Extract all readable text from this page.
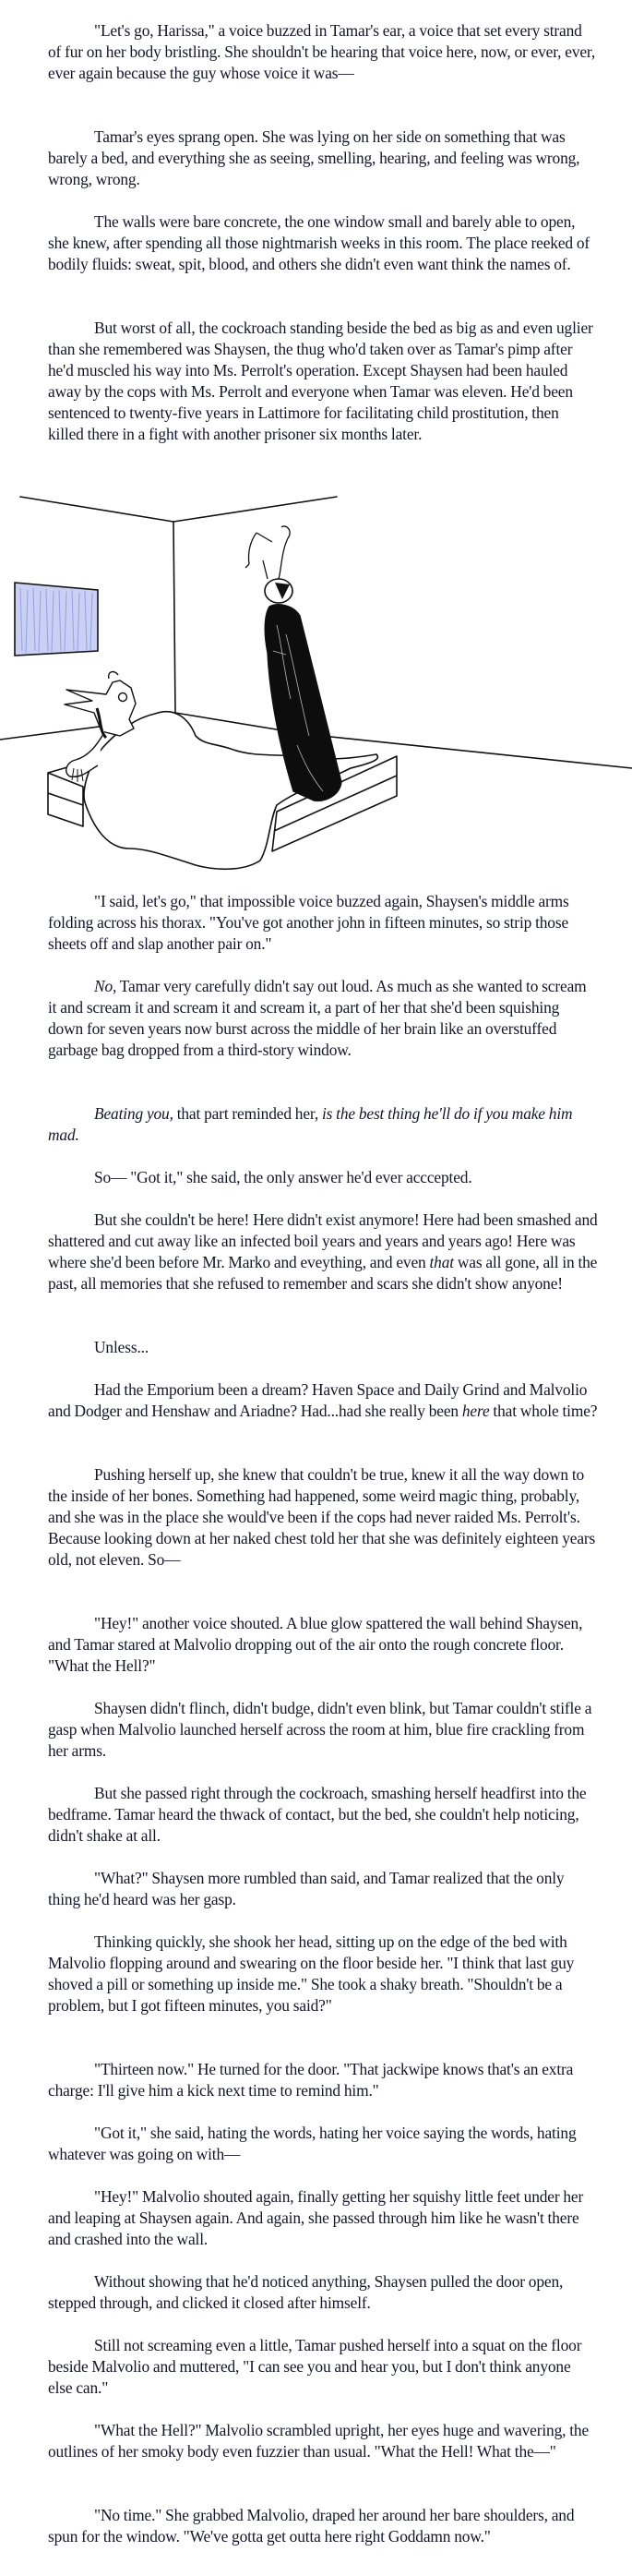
"Let's go, Harissa," a voice buzzed in Tamar's ear, a voice that set every strand of fur on her body bristling. She shouldn't be hearing that voice here, now, or ever, ever, ever again because the guy whose voice it was—

Tamar's eyes sprang open. She was lying on her side on something that was barely a bed, and everything she as seeing, smelling, hearing, and feeling was wrong, wrong, wrong.

The walls were bare concrete, the one window small and barely able to open, she knew, after spending all those nightmarish weeks in this room. The place reeked of bodily fluids: sweat, spit, blood, and others she didn't even want think the names of.

But worst of all, the cockroach standing beside the bed as big as and even uglier than she remembered was Shaysen, the thug who'd taken over as Tamar's pimp after he'd muscled his way into Ms. Perrolt's operation. Except Shaysen had been hauled away by the cops with Ms. Perrolt and everyone when Tamar was eleven. He'd been sentenced to twenty-five years in Lattimore for facilitating child prostitution, then killed there in a fight with another prisoner six months later.

"I said, let's go," that impossible voice buzzed again, Shaysen's middle arms folding across his thorax. "You've got another john in fifteen minutes, so strip those sheets off and slap another pair on."

No, Tamar very carefully didn't say out loud. As much as she wanted to scream it and scream it and scream it and scream it, a part of her that she'd been squishing down for seven years now burst across the middle of her brain like an overstuffed garbage bag dropped from a third-story window.

Beating you, that part reminded her, is the best thing he'll do if you make him mad.

So— "Got it," she said, the only answer he'd ever acccepted.

But she couldn't be here! Here didn't exist anymore! Here had been smashed and shattered and cut away like an infected boil years and years and years ago! Here was where she'd been before Mr. Marko and eveything, and even that was all gone, all in the past, all memories that she refused to remember and scars she didn't show anyone!

Unless...

Had the Emporium been a dream? Haven Space and Daily Grind and Malvolio and Dodger and Henshaw and Ariadne? Had...had she really been here that whole time?

Pushing herself up, she knew that couldn't be true, knew it all the way down to the inside of her bones. Something had happened, some weird magic thing, probably, and she was in the place she would've been if the cops had never raided Ms. Perrolt's. Because looking down at her naked chest told her that she was definitely eighteen years old, not eleven. So—

"Hey!" another voice shouted. A blue glow spattered the wall behind Shaysen, and Tamar stared at Malvolio dropping out of the air onto the rough concrete floor. "What the Hell?"

Shaysen didn't flinch, didn't budge, didn't even blink, but Tamar couldn't stifle a gasp when Malvolio launched herself across the room at him, blue fire crackling from her arms.

But she passed right through the cockroach, smashing herself headfirst into the bedframe. Tamar heard the thwack of contact, but the bed, she couldn't help noticing, didn't shake at all.

"What?" Shaysen more rumbled than said, and Tamar realized that the only thing he'd heard was her gasp.

Thinking quickly, she shook her head, sitting up on the edge of the bed with Malvolio flopping around and swearing on the floor beside her. "I think that last guy shoved a pill or something up inside me." She took a shaky breath. "Shouldn't be a problem, but I got fifteen minutes, you said?"

"Thirteen now." He turned for the door. "That jackwipe knows that's an extra charge: I'll give him a kick next time to remind him."

"Got it," she said, hating the words, hating her voice saying the words, hating whatever was going on with—

"Hey!" Malvolio shouted again, finally getting her squishy little feet under her and leaping at Shaysen again. And again, she passed through him like he wasn't there and crashed into the wall.

Without showing that he'd noticed anything, Shaysen pulled the door open, stepped through, and clicked it closed after himself.

Still not screaming even a little, Tamar pushed herself into a squat on the floor beside Malvolio and muttered, "I can see you and hear you, but I don't think anyone else can."

"What the Hell?" Malvolio scrambled upright, her eyes huge and wavering, the outlines of her smoky body even fuzzier than usual. "What the Hell! What the—"

"No time." She grabbed Malvolio, draped her around her bare shoulders, and spun for the window. "We've gotta get outta here right Goddamn now."
